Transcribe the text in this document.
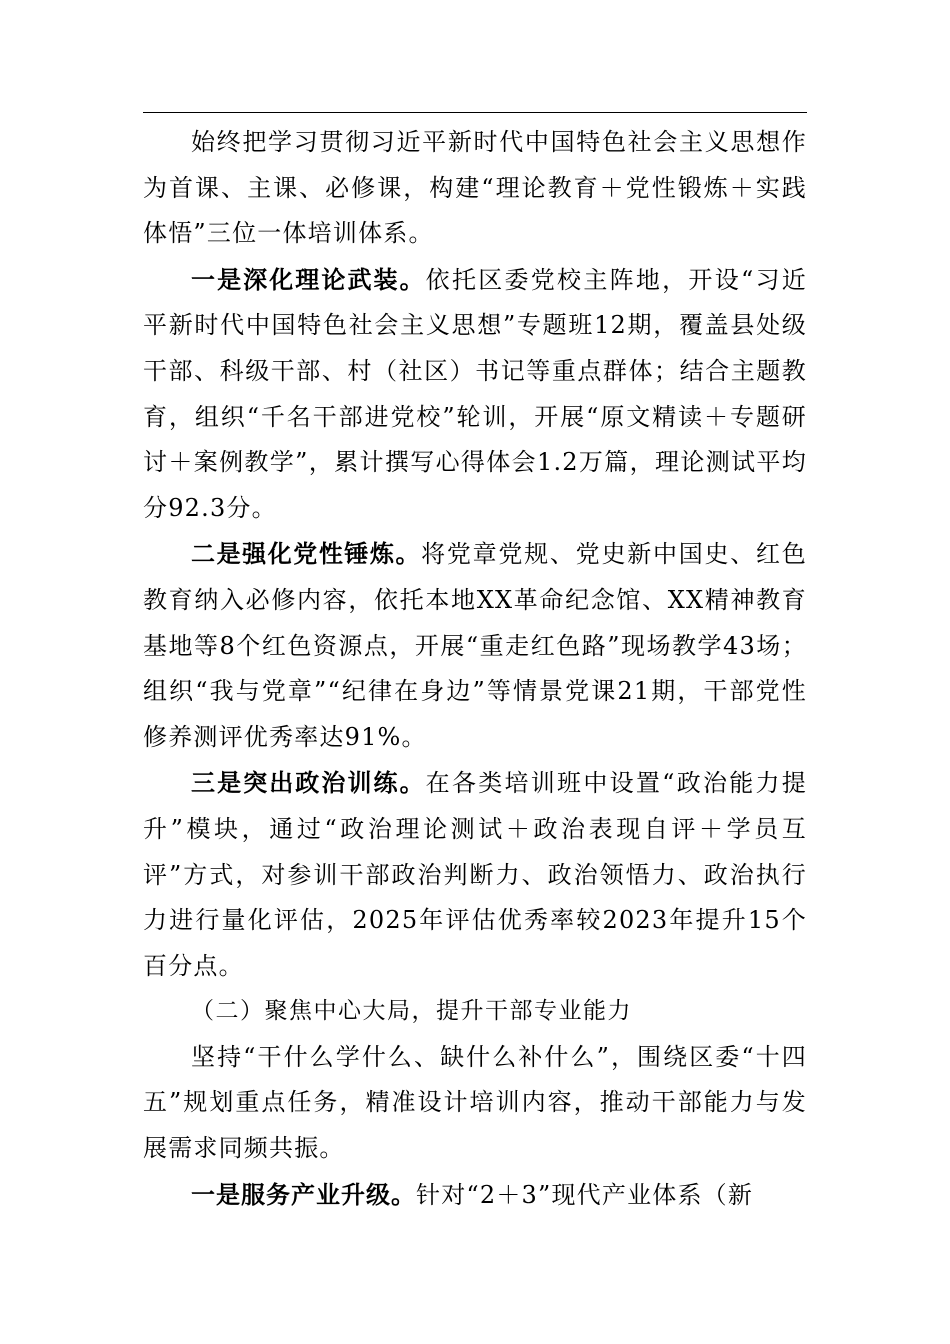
始终把学习贯彻习近平新时代中国特色社会主义思想作为首课、主课、必修课，构建“理论教育＋党性锻炼＋实践体悟”三位一体培训体系。

一是深化理论武装。依托区委党校主阵地，开设“习近平新时代中国特色社会主义思想”专题班12期，覆盖县处级干部、科级干部、村（社区）书记等重点群体；结合主题教育，组织“千名干部进党校”轮训，开展“原文精读＋专题研讨＋案例教学”，累计撰写心得体会1.2万篇，理论测试平均分92.3分。

二是强化党性锤炼。将党章党规、党史新中国史、红色教育纳入必修内容，依托本地XX革命纪念馆、XX精神教育基地等8个红色资源点，开展“重走红色路”现场教学43场；组织“我与党章”“纪律在身边”等情景党课21期，干部党性修养测评优秀率达91%。

三是突出政治训练。在各类培训班中设置“政治能力提升”模块，通过“政治理论测试＋政治表现自评＋学员互评”方式，对参训干部政治判断力、政治领悟力、政治执行力进行量化评估，2025年评估优秀率较2023年提升15个百分点。

（二）聚焦中心大局，提升干部专业能力

坚持“干什么学什么、缺什么补什么”，围绕区委“十四五”规划重点任务，精准设计培训内容，推动干部能力与发展需求同频共振。

一是服务产业升级。针对“2＋3”现代产业体系（新
